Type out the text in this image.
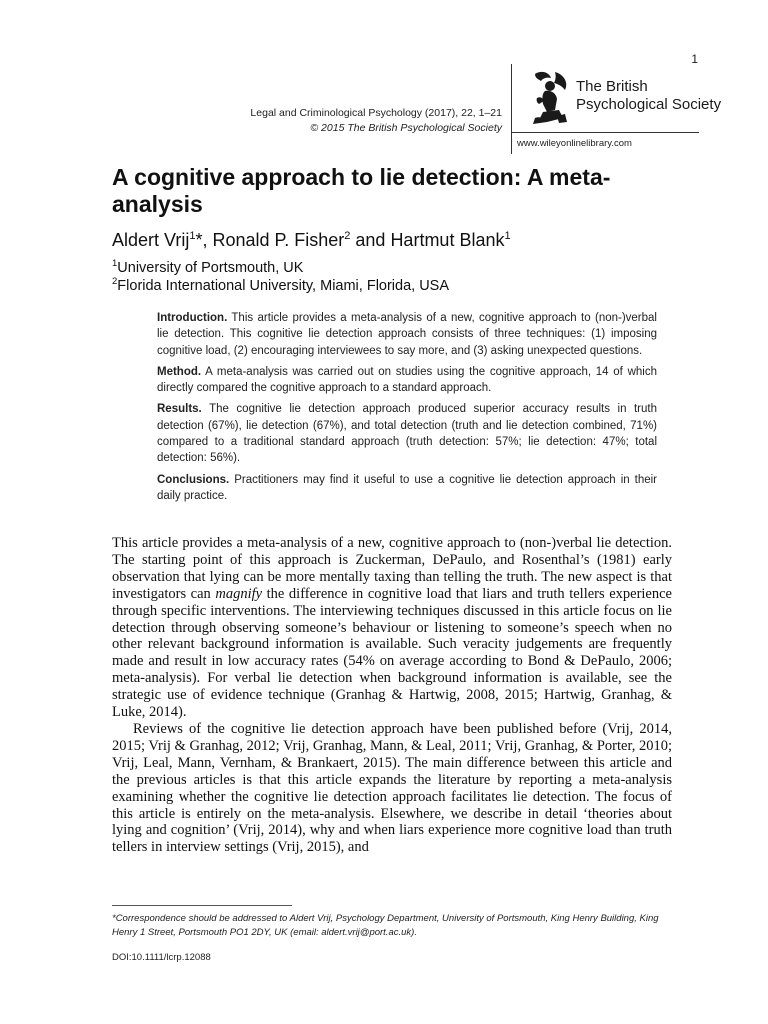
1
Legal and Criminological Psychology (2017), 22, 1–21
© 2015 The British Psychological Society
The British
Psychological Society
www.wileyonlinelibrary.com
A cognitive approach to lie detection: A meta-analysis
Aldert Vrij$^1$*, Ronald P. Fisher$^2$ and Hartmut Blank$^1$
$^1$University of Portsmouth, UK
$^2$Florida International University, Miami, Florida, USA

Introduction. This article provides a meta-analysis of a new, cognitive approach to (non-)verbal lie detection. This cognitive lie detection approach consists of three techniques: (1) imposing cognitive load, (2) encouraging interviewees to say more, and (3) asking unexpected questions.

Method. A meta-analysis was carried out on studies using the cognitive approach, 14 of which directly compared the cognitive approach to a standard approach.

Results. The cognitive lie detection approach produced superior accuracy results in truth detection (67%), lie detection (67%), and total detection (truth and lie detection combined, 71%) compared to a traditional standard approach (truth detection: 57%; lie detection: 47%; total detection: 56%).

Conclusions. Practitioners may find it useful to use a cognitive lie detection approach in their daily practice.

This article provides a meta-analysis of a new, cognitive approach to (non-)verbal lie detection. The starting point of this approach is Zuckerman, DePaulo, and Rosenthal’s (1981) early observation that lying can be more mentally taxing than telling the truth. The new aspect is that investigators can magnify the difference in cognitive load that liars and truth tellers experience through specific interventions. The interviewing techniques discussed in this article focus on lie detection through observing someone’s behaviour or listening to someone’s speech when no other relevant background information is available. Such veracity judgements are frequently made and result in low accuracy rates (54% on average according to Bond & DePaulo, 2006; meta-analysis). For verbal lie detection when background information is available, see the strategic use of evidence technique (Granhag & Hartwig, 2008, 2015; Hartwig, Granhag, & Luke, 2014).

Reviews of the cognitive lie detection approach have been published before (Vrij, 2014, 2015; Vrij & Granhag, 2012; Vrij, Granhag, Mann, & Leal, 2011; Vrij, Granhag, & Porter, 2010; Vrij, Leal, Mann, Vernham, & Brankaert, 2015). The main difference between this article and the previous articles is that this article expands the literature by reporting a meta-analysis examining whether the cognitive lie detection approach facilitates lie detection. The focus of this article is entirely on the meta-analysis. Elsewhere, we describe in detail ‘theories about lying and cognition’ (Vrij, 2014), why and when liars experience more cognitive load than truth tellers in interview settings (Vrij, 2015), and

*Correspondence should be addressed to Aldert Vrij, Psychology Department, University of Portsmouth, King Henry Building, King Henry 1 Street, Portsmouth PO1 2DY, UK (email: aldert.vrij@port.ac.uk).
DOI:10.1111/lcrp.12088
